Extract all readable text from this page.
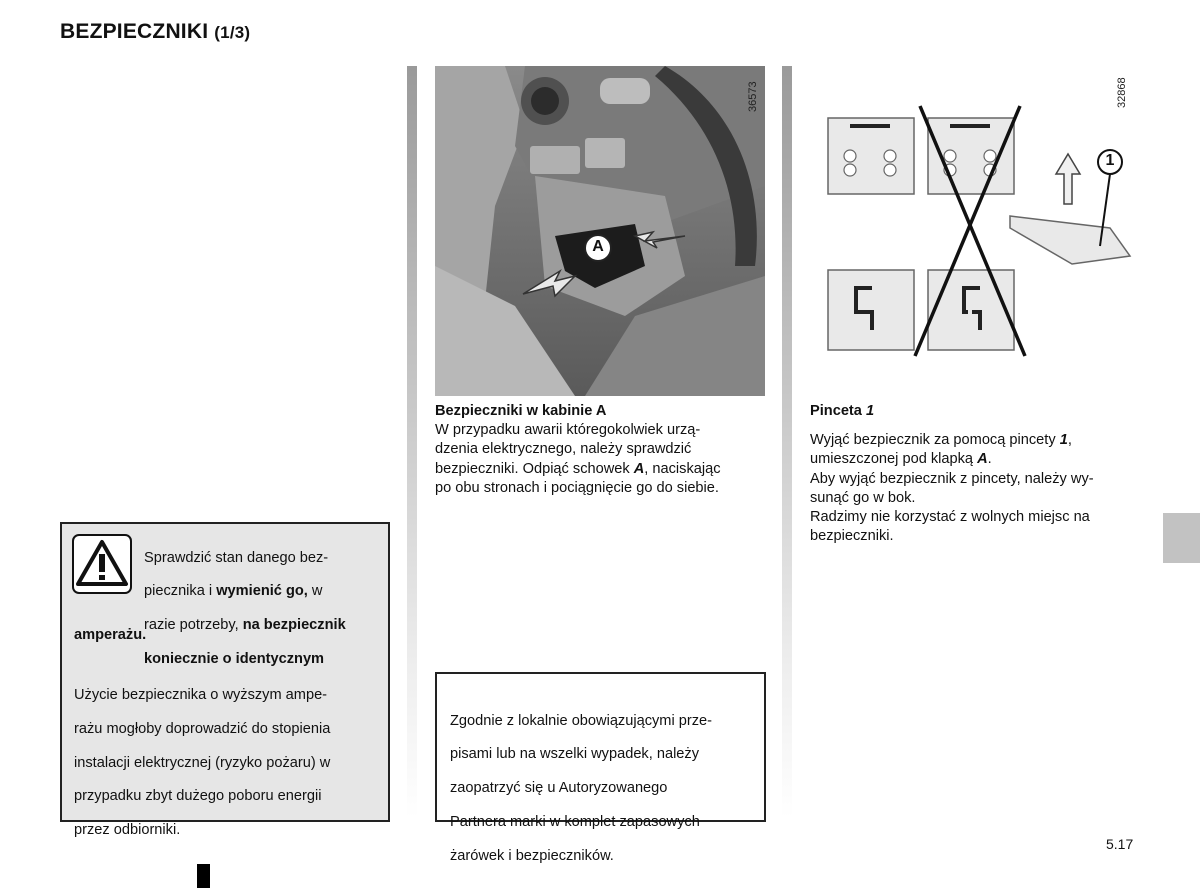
BEZPIECZNIKI (1/3)
A
36573
1
32868

Bezpieczniki w kabinie A

W przypadku awarii któregokolwiek urzą-

dzenia elektrycznego, należy sprawdzić

bezpieczniki. Odpiąć schowek A, naciskając

po obu stronach i pociągnięcie go do siebie.

Pinceta 1

Wyjąć bezpiecznik za pomocą pincety 1,

umieszczonej pod klapką A.

Aby wyjąć bezpiecznik z pincety, należy wy-

sunąć go w bok.

Radzimy nie korzystać z wolnych miejsc na

bezpieczniki.

Sprawdzić stan danego bez-

piecznika i wymienić go, w

razie potrzeby, na bezpiecznik

koniecznie o identycznym

amperażu.

Użycie bezpiecznika o wyższym ampe-

rażu mogłoby doprowadzić do stopienia

instalacji elektrycznej (ryzyko pożaru) w

przypadku zbyt dużego poboru energii

przez odbiorniki.

Zgodnie z lokalnie obowiązującymi prze-

pisami lub na wszelki wypadek, należy

zaopatrzyć się u Autoryzowanego

Partnera marki w komplet zapasowych

żarówek i bezpieczników.

5.17
